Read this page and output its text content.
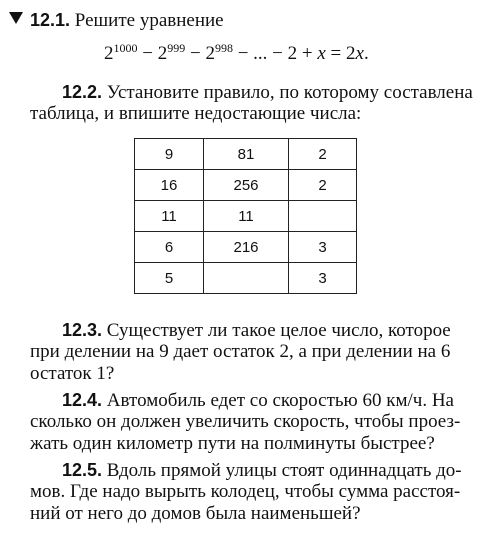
12.1. Решите уравнение
$2^{1000} - 2^{999} - 2^{998}$ − ... − 2 + x = 2x.
12.2. Установите правило, по которому составлена
таблица, и впишите недостающие числа:
9	81	2
16	256	2
11	11	
6	216	3
5		3
12.3. Существует ли такое целое число, которое
при делении на 9 дает остаток 2, а при делении на 6
остаток 1?
12.4. Автомобиль едет со скоростью 60 км/ч. На
сколько он должен увеличить скорость, чтобы проез-
жать один километр пути на полминуты быстрее?
12.5. Вдоль прямой улицы стоят одиннадцать до-
мов. Где надо вырыть колодец, чтобы сумма расстоя-
ний от него до домов была наименьшей?
